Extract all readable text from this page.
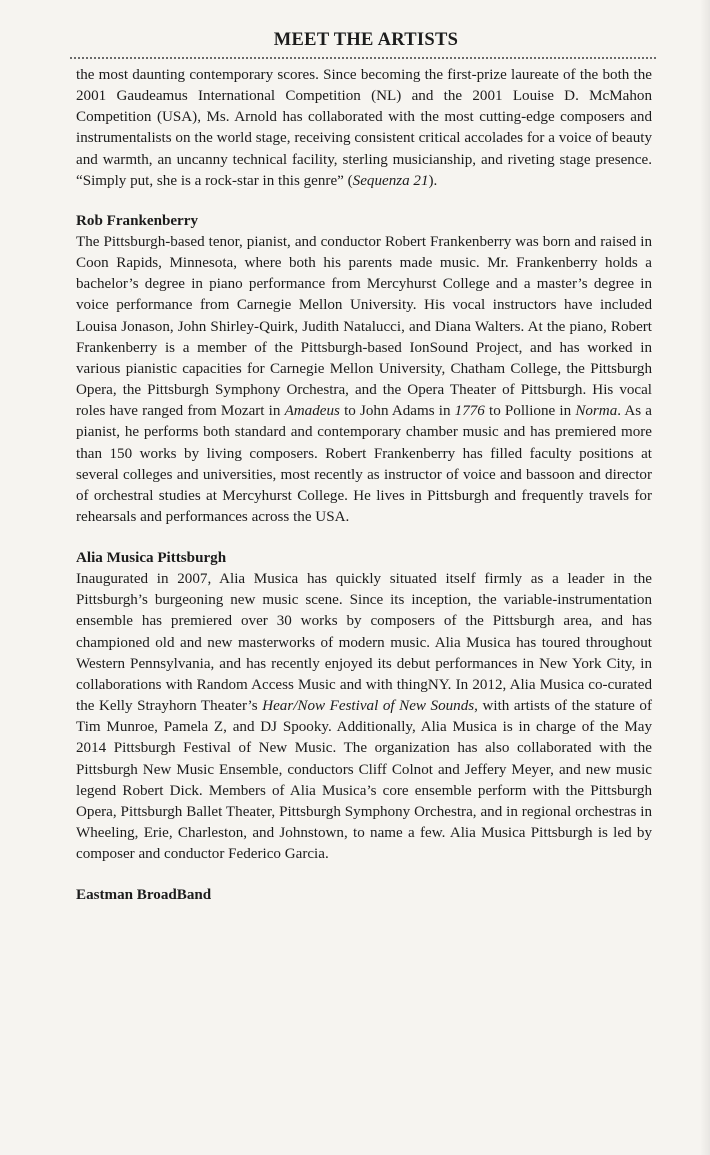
MEET THE ARTISTS

the most daunting contemporary scores. Since becoming the first-prize laureate of the both the 2001 Gaudeamus International Competition (NL) and the 2001 Louise D. McMahon Competition (USA), Ms. Arnold has collaborated with the most cutting-edge composers and instrumentalists on the world stage, receiving consistent critical accolades for a voice of beauty and warmth, an uncanny technical facility, sterling musicianship, and riveting stage presence. “Simply put, she is a rock-star in this genre” (Sequenza 21).

Rob Frankenberry

The Pittsburgh-based tenor, pianist, and conductor Robert Frankenberry was born and raised in Coon Rapids, Minnesota, where both his parents made music. Mr. Frankenberry holds a bachelor’s degree in piano performance from Mercyhurst College and a master’s degree in voice performance from Carnegie Mellon University. His vocal instructors have included Louisa Jonason, John Shirley-Quirk, Judith Natalucci, and Diana Walters. At the piano, Robert Frankenberry is a member of the Pittsburgh-based IonSound Project, and has worked in various pianistic capacities for Carnegie Mellon University, Chatham College, the Pittsburgh Opera, the Pittsburgh Symphony Orchestra, and the Opera Theater of Pittsburgh. His vocal roles have ranged from Mozart in Amadeus to John Adams in 1776 to Pollione in Norma. As a pianist, he performs both standard and contemporary chamber music and has premiered more than 150 works by living composers. Robert Frankenberry has filled faculty positions at several colleges and universities, most recently as instructor of voice and bassoon and director of orchestral studies at Mercyhurst College. He lives in Pittsburgh and frequently travels for rehearsals and performances across the USA.

Alia Musica Pittsburgh

Inaugurated in 2007, Alia Musica has quickly situated itself firmly as a leader in the Pittsburgh’s burgeoning new music scene. Since its inception, the variable-instrumentation ensemble has premiered over 30 works by composers of the Pittsburgh area, and has championed old and new masterworks of modern music. Alia Musica has toured throughout Western Pennsylvania, and has recently enjoyed its debut performances in New York City, in collaborations with Random Access Music and with thingNY. In 2012, Alia Musica co-curated the Kelly Strayhorn Theater’s Hear/Now Festival of New Sounds, with artists of the stature of Tim Munroe, Pamela Z, and DJ Spooky. Additionally, Alia Musica is in charge of the May 2014 Pittsburgh Festival of New Music. The organization has also collaborated with the Pittsburgh New Music Ensemble, conductors Cliff Colnot and Jeffery Meyer, and new music legend Robert Dick. Members of Alia Musica’s core ensemble perform with the Pittsburgh Opera, Pittsburgh Ballet Theater, Pittsburgh Symphony Orchestra, and in regional orchestras in Wheeling, Erie, Charleston, and Johnstown, to name a few. Alia Musica Pittsburgh is led by composer and conductor Federico Garcia.

Eastman BroadBand
